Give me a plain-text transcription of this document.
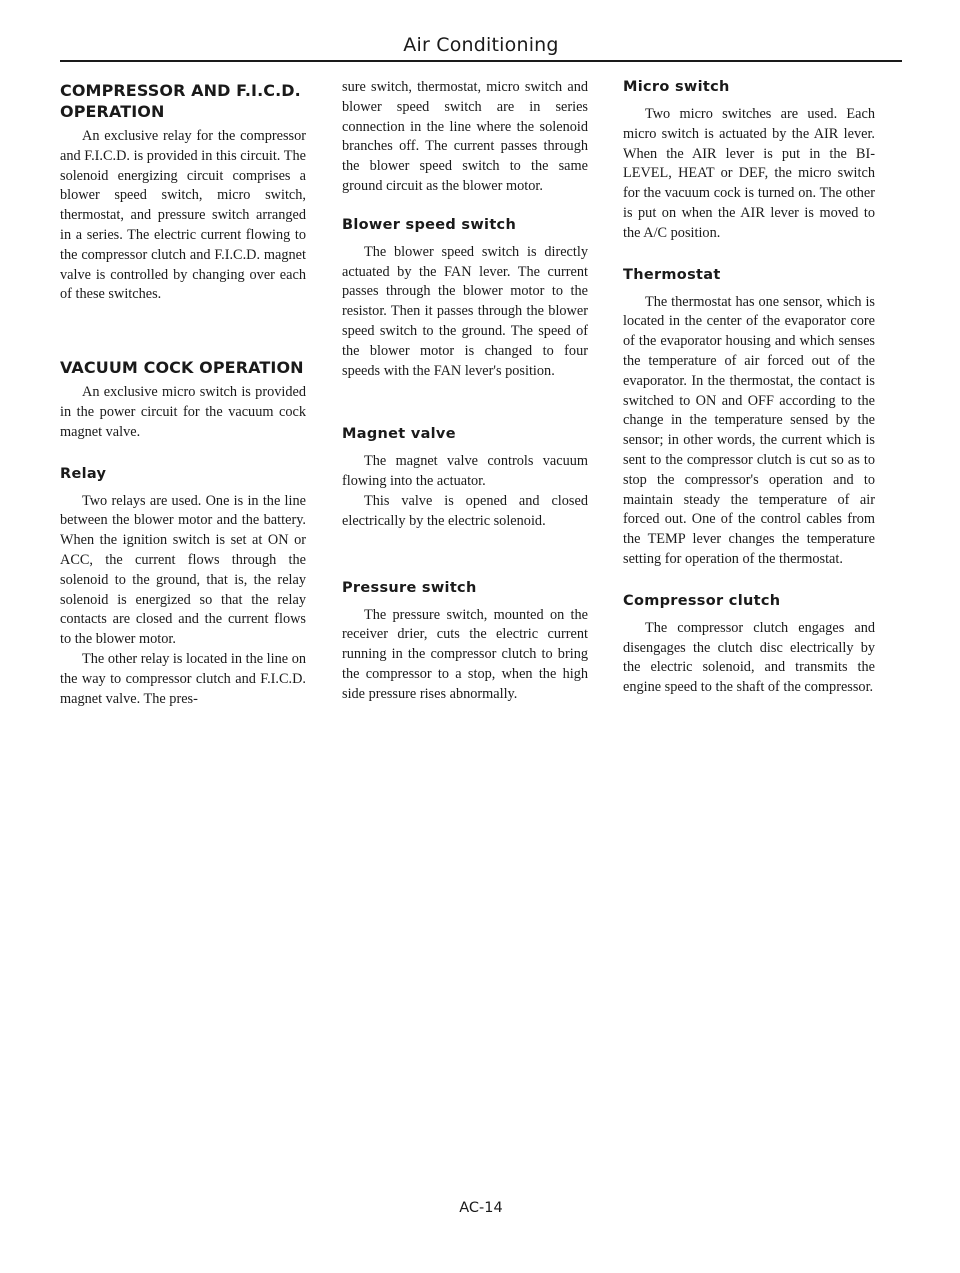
Air Conditioning
COMPRESSOR AND F.I.C.D.
OPERATION

An exclusive relay for the compressor and F.I.C.D. is provided in this circuit. The solenoid energizing circuit comprises a blower speed switch, micro switch, thermostat, and pressure switch arranged in a series. The electric current flowing to the compressor clutch and F.I.C.D. magnet valve is controlled by changing over each of these switches.

VACUUM COCK OPERATION

An exclusive micro switch is provided in the power circuit for the vacuum cock magnet valve.

Relay

Two relays are used. One is in the line between the blower motor and the battery. When the ignition switch is set at ON or ACC, the current flows through the solenoid to the ground, that is, the relay solenoid is energized so that the relay contacts are closed and the current flows to the blower motor.

The other relay is located in the line on the way to compressor clutch and F.I.C.D. magnet valve. The pres-

sure switch, thermostat, micro switch and blower speed switch are in series connection in the line where the solenoid branches off. The current passes through the blower speed switch to the same ground circuit as the blower motor.

Blower speed switch

The blower speed switch is directly actuated by the FAN lever. The current passes through the blower motor to the resistor. Then it passes through the blower speed switch to the ground. The speed of the blower motor is changed to four speeds with the FAN lever's position.

Magnet valve

The magnet valve controls vacuum flowing into the actuator.

This valve is opened and closed electrically by the electric solenoid.

Pressure switch

The pressure switch, mounted on the receiver drier, cuts the electric current running in the compressor clutch to bring the compressor to a stop, when the high side pressure rises abnormally.

Micro switch

Two micro switches are used. Each micro switch is actuated by the AIR lever. When the AIR lever is put in the BI-LEVEL, HEAT or DEF, the micro switch for the vacuum cock is turned on. The other is put on when the AIR lever is moved to the A/C position.

Thermostat

The thermostat has one sensor, which is located in the center of the evaporator core of the evaporator housing and which senses the temperature of air forced out of the evaporator. In the thermostat, the contact is switched to ON and OFF according to the change in the temperature sensed by the sensor; in other words, the current which is sent to the compressor clutch is cut so as to stop the compressor's operation and to maintain steady the temperature of air forced out. One of the control cables from the TEMP lever changes the temperature setting for operation of the thermostat.

Compressor clutch

The compressor clutch engages and disengages the clutch disc electrically by the electric solenoid, and transmits the engine speed to the shaft of the compressor.

AC-14
